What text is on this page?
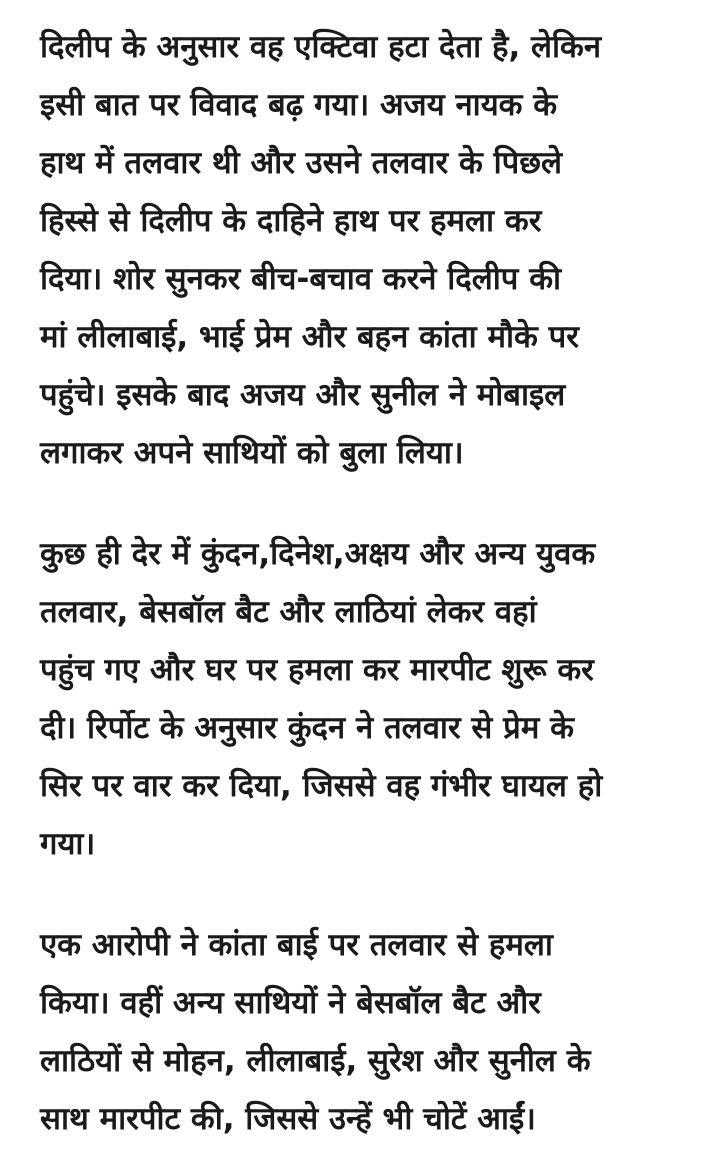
दिलीप के अनुसार वह एक्टिवा हटा देता है, लेकिन
इसी बात पर विवाद बढ़ गया। अजय नायक के
हाथ में तलवार थी और उसने तलवार के पिछले
हिस्से से दिलीप के दाहिने हाथ पर हमला कर
दिया। शोर सुनकर बीच-बचाव करने दिलीप की
मां लीलाबाई, भाई प्रेम और बहन कांता मौके पर
पहुंचे। इसके बाद अजय और सुनील ने मोबाइल
लगाकर अपने साथियों को बुला लिया।

कुछ ही देर में कुंदन,दिनेश,अक्षय और अन्य युवक
तलवार, बेसबॉल बैट और लाठियां लेकर वहां
पहुंच गए और घर पर हमला कर मारपीट शुरू कर
दी। रिर्पोट के अनुसार कुंदन ने तलवार से प्रेम के
सिर पर वार कर दिया, जिससे वह गंभीर घायल हो
गया।

एक आरोपी ने कांता बाई पर तलवार से हमला
किया। वहीं अन्य साथियों ने बेसबॉल बैट और
लाठियों से मोहन, लीलाबाई, सुरेश और सुनील के
साथ मारपीट की, जिससे उन्हें भी चोटें आईं।
